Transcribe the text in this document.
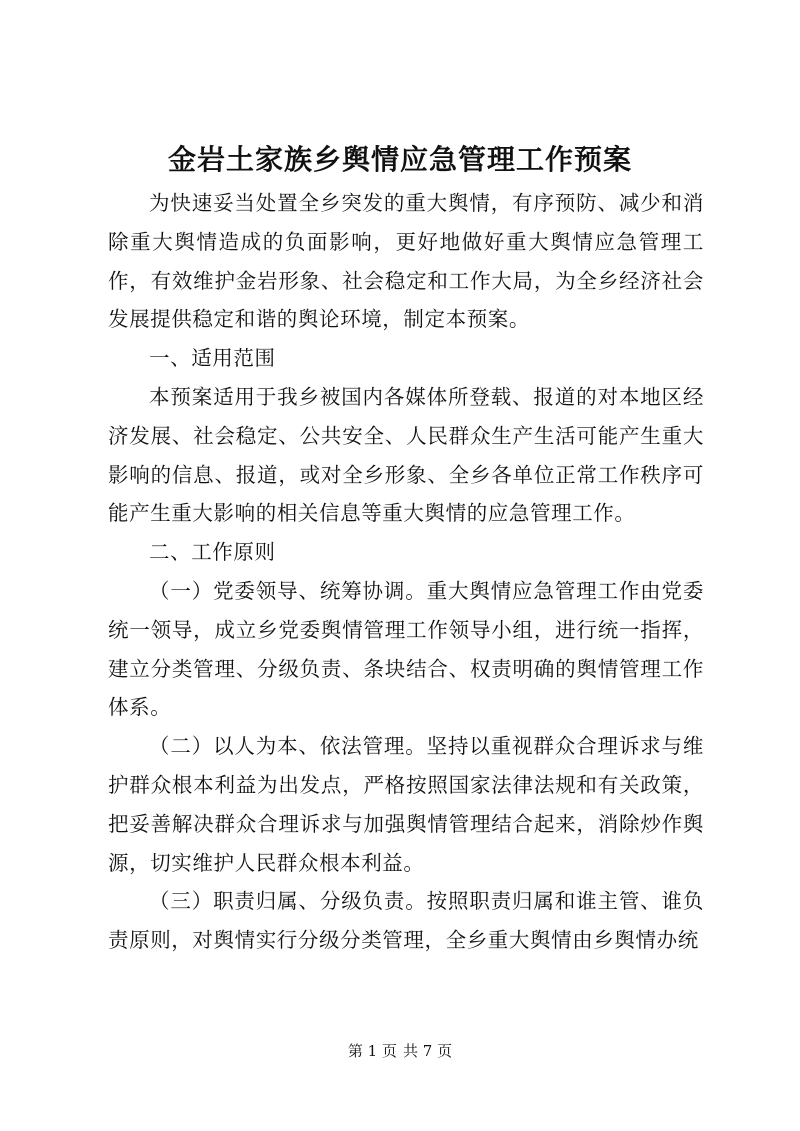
金岩土家族乡舆情应急管理工作预案

为快速妥当处置全乡突发的重大舆情，有序预防、减少和消除重大舆情造成的负面影响，更好地做好重大舆情应急管理工作，有效维护金岩形象、社会稳定和工作大局，为全乡经济社会发展提供稳定和谐的舆论环境，制定本预案。

一、适用范围

本预案适用于我乡被国内各媒体所登载、报道的对本地区经济发展、社会稳定、公共安全、人民群众生产生活可能产生重大影响的信息、报道，或对全乡形象、全乡各单位正常工作秩序可能产生重大影响的相关信息等重大舆情的应急管理工作。

二、工作原则

（一）党委领导、统筹协调。重大舆情应急管理工作由党委统一领导，成立乡党委舆情管理工作领导小组，进行统一指挥，建立分类管理、分级负责、条块结合、权责明确的舆情管理工作体系。

（二）以人为本、依法管理。坚持以重视群众合理诉求与维护群众根本利益为出发点，严格按照国家法律法规和有关政策，把妥善解决群众合理诉求与加强舆情管理结合起来，消除炒作舆源，切实维护人民群众根本利益。

（三）职责归属、分级负责。按照职责归属和谁主管、谁负责原则，对舆情实行分级分类管理，全乡重大舆情由乡舆情办统

第 1 页 共 7 页
